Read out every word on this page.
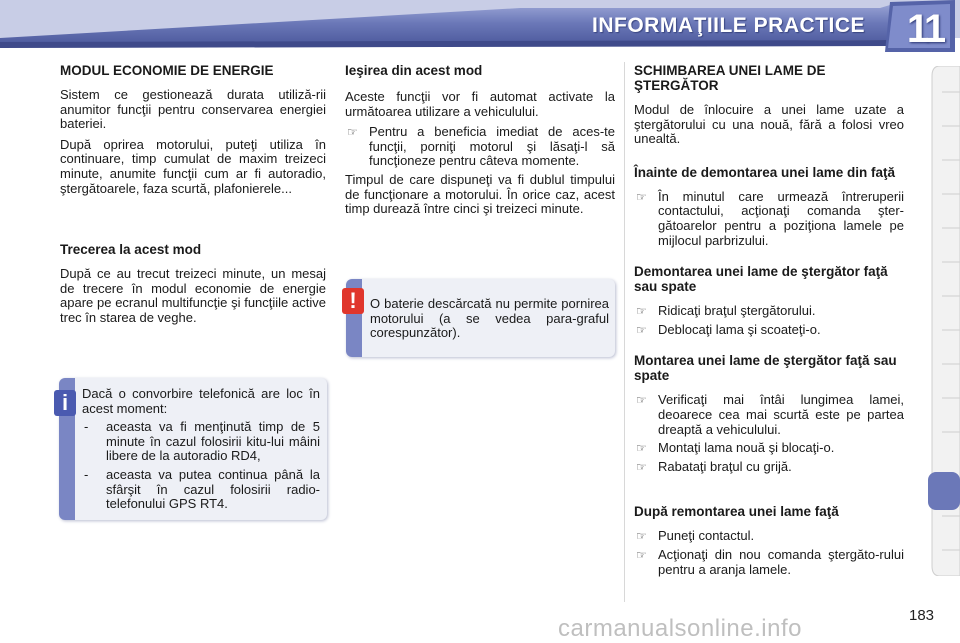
INFORMAŢIILE PRACTICE 11
MODUL ECONOMIE DE ENERGIE

Sistem ce gestionează durata utiliză-rii anumitor funcţii pentru conservarea energiei bateriei.

După oprirea motorului, puteţi utiliza în continuare, timp cumulat de maxim treizeci minute, anumite funcţii cum ar fi autoradio, ştergătoarele, faza scurtă, plafonierele...

Trecerea la acest mod

După ce au trecut treizeci minute, un mesaj de trecere în modul economie de energie apare pe ecranul multifuncţie şi funcţiile active trec în starea de veghe.

i	Dacă o convorbire telefonică are loc în acest moment:
- aceasta va fi menţinută timp de 5 minute în cazul folosirii kitu-lui mâini libere de la autoradio RD4,
- aceasta va putea continua până la sfârşit în cazul folosirii radio-telefonului GPS RT4.
Ieşirea din acest mod

Aceste funcţii vor fi automat activate la următoarea utilizare a vehiculului.

☞ Pentru a beneficia imediat de aces-te funcţii, porniţi motorul şi lăsaţi-l să funcţioneze pentru câteva momente.

Timpul de care dispuneţi va fi dublul timpului de funcţionare a motorului. În orice caz, acest timp durează între cinci şi treizeci minute.

!	O baterie descărcată nu permite pornirea motorului (a se vedea para-graful corespunzător).
SCHIMBAREA UNEI LAME DE ŞTERGĂTOR

Modul de înlocuire a unei lame uzate a ştergătorului cu una nouă, fără a folosi vreo unealtă.

Înainte de demontarea unei lame din faţă
☞ În minutul care urmează întreruperii contactului, acţionaţi comanda şter-gătoarelor pentru a poziţiona lamele pe mijlocul parbrizului.
Demontarea unei lame de ştergător faţă sau spate
☞ Ridicaţi braţul ştergătorului.
☞ Deblocaţi lama şi scoateţi-o.
Montarea unei lame de ştergător faţă sau spate
☞ Verificaţi mai întâi lungimea lamei, deoarece cea mai scurtă este pe partea dreaptă a vehiculului.
☞ Montaţi lama nouă şi blocaţi-o.
☞ Rabataţi braţul cu grijă.
După remontarea unei lame faţă
☞ Puneţi contactul.
☞ Acţionaţi din nou comanda ştergăto-rului pentru a aranja lamele.
183
carmanualsonline.info
